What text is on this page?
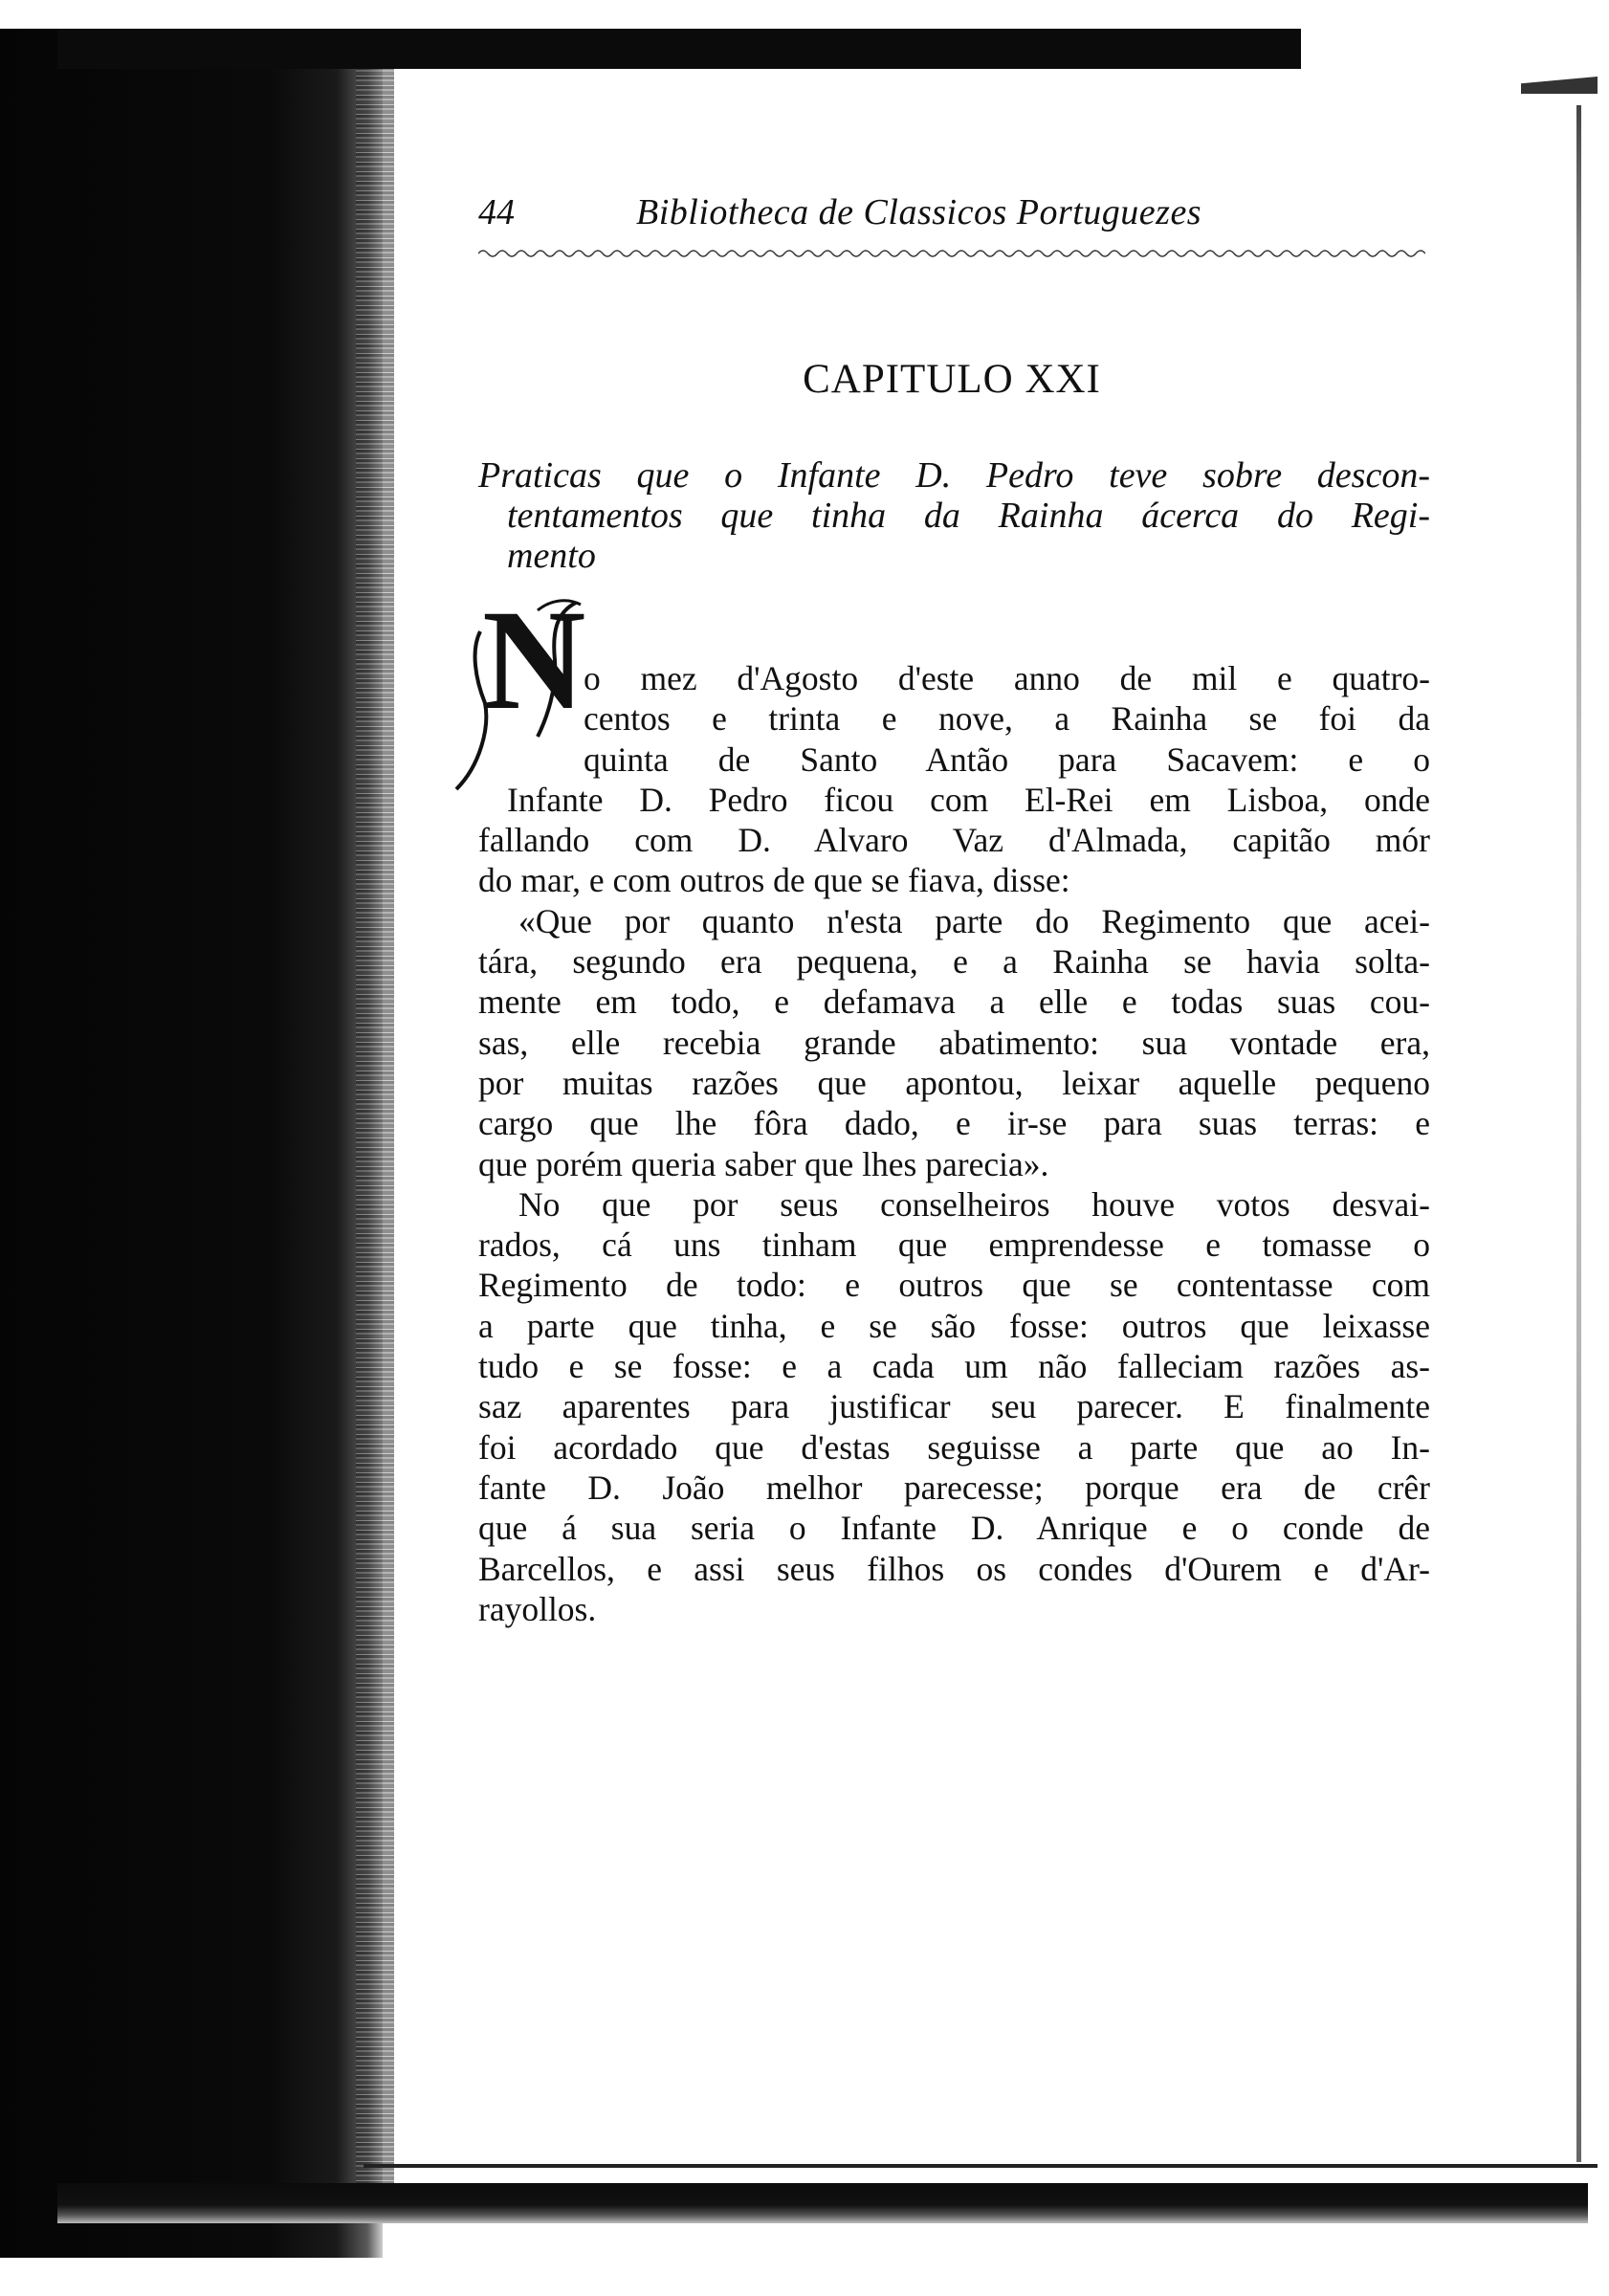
44	Bibliotheca de Classicos Portuguezes
CAPITULO XXI
Praticas que o Infante D. Pedro teve sobre descon-
tentamentos que tinha da Rainha ácerca do Regi-
mento
N
o mez d'Agosto d'este anno de mil e quatro-
centos e trinta e nove, a Rainha se foi da
quinta de Santo Antão para Sacavem: e o
Infante D. Pedro ficou com El-Rei em Lisboa, onde
fallando com D. Alvaro Vaz d'Almada, capitão mór
do mar, e com outros de que se fiava, disse:
«Que por quanto n'esta parte do Regimento que acei-
tára, segundo era pequena, e a Rainha se havia solta-
mente em todo, e defamava a elle e todas suas cou-
sas, elle recebia grande abatimento: sua vontade era,
por muitas razões que apontou, leixar aquelle pequeno
cargo que lhe fôra dado, e ir-se para suas terras: e
que porém queria saber que lhes parecia».
No que por seus conselheiros houve votos desvai-
rados, cá uns tinham que emprendesse e tomasse o
Regimento de todo: e outros que se contentasse com
a parte que tinha, e se são fosse: outros que leixasse
tudo e se fosse: e a cada um não falleciam razões as-
saz aparentes para justificar seu parecer. E finalmente
foi acordado que d'estas seguisse a parte que ao In-
fante D. João melhor parecesse; porque era de crêr
que á sua seria o Infante D. Anrique e o conde de
Barcellos, e assi seus filhos os condes d'Ourem e d'Ar-
rayollos.
